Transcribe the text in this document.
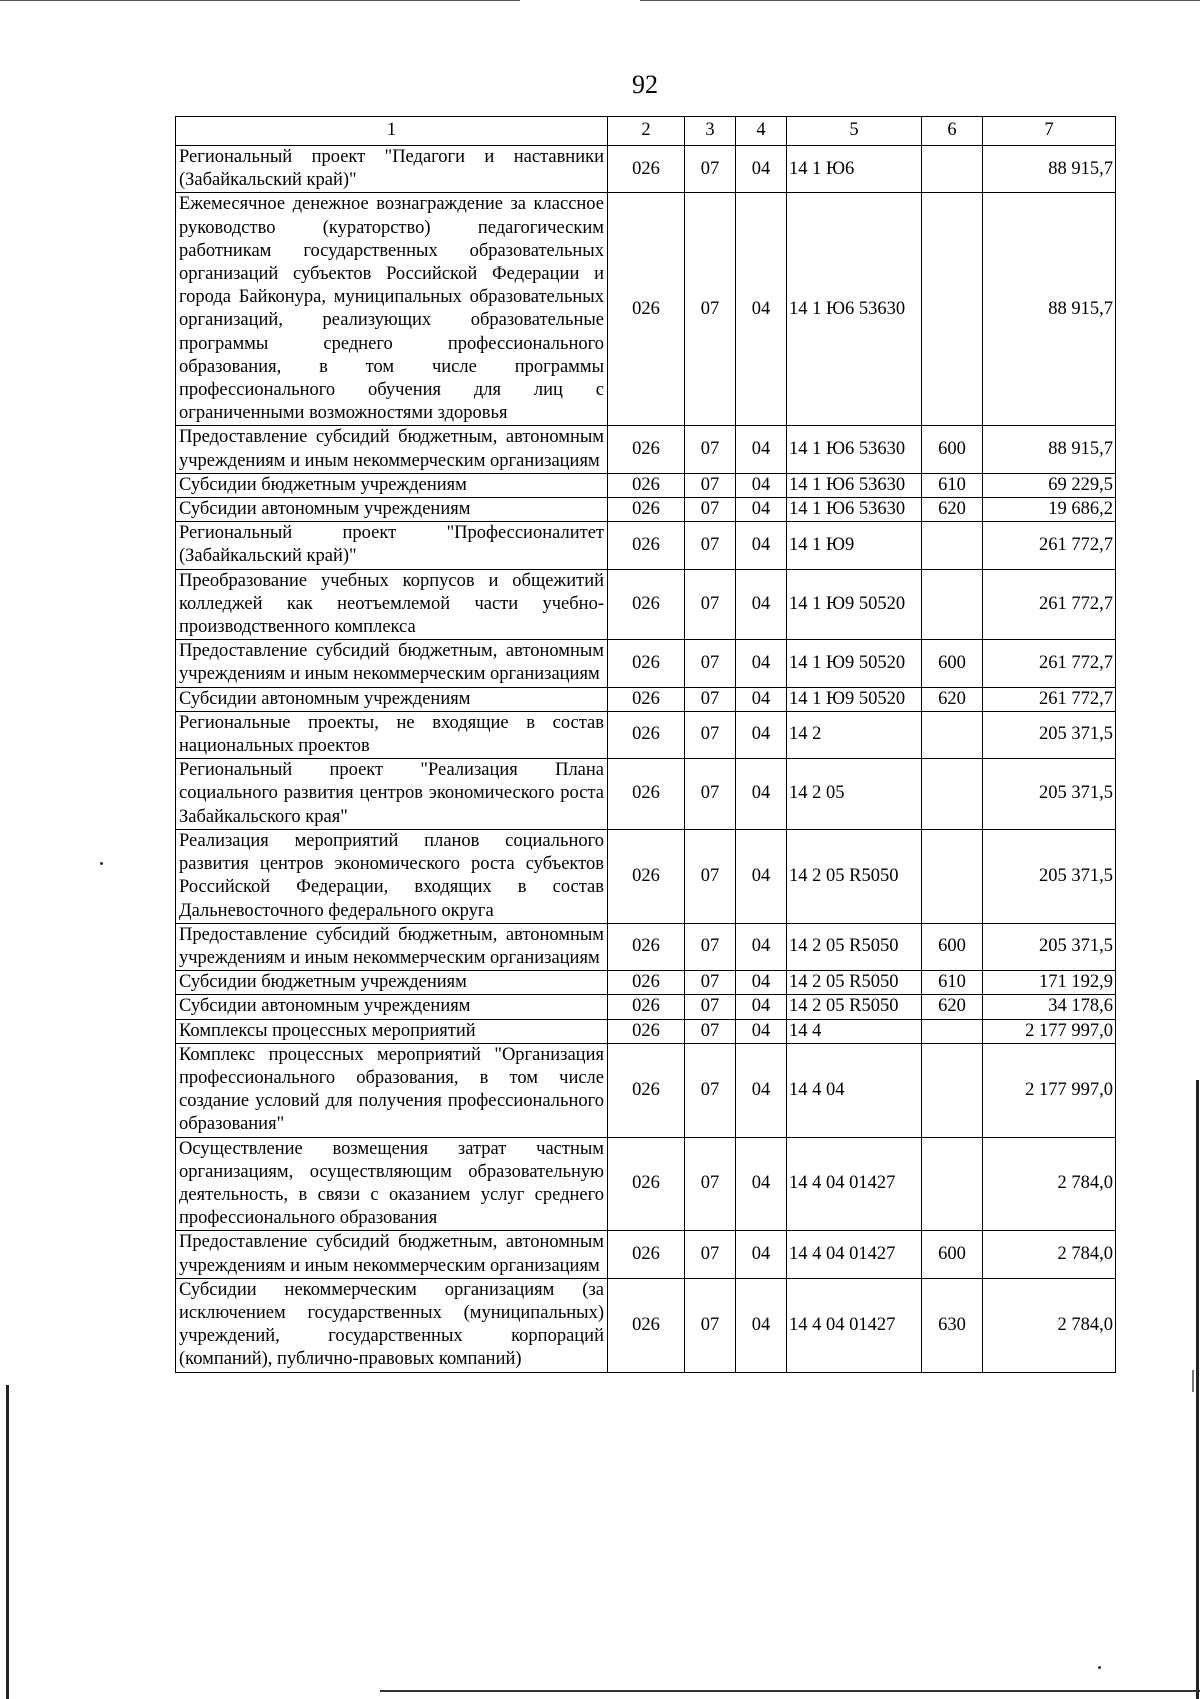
92
1	2	3	4	5	6	7
Региональный проект "Педагоги и наставники (Забайкальский край)"	026	07	04	14 1 Ю6		88 915,7
Ежемесячное денежное вознаграждение за классное руководство (кураторство) педагогическим работникам государственных образовательных организаций субъектов Российской Федерации и города Байконура, муниципальных образовательных организаций, реализующих образовательные программы среднего профессионального образования, в том числе программы профессионального обучения для лиц с ограниченными возможностями здоровья	026	07	04	14 1 Ю6 53630		88 915,7
Предоставление субсидий бюджетным, автономным учреждениям и иным некоммерческим организациям	026	07	04	14 1 Ю6 53630	600	88 915,7
Субсидии бюджетным учреждениям	026	07	04	14 1 Ю6 53630	610	69 229,5
Субсидии автономным учреждениям	026	07	04	14 1 Ю6 53630	620	19 686,2
Региональный проект "Профессионалитет (Забайкальский край)"	026	07	04	14 1 Ю9		261 772,7
Преобразование учебных корпусов и общежитий колледжей как неотъемлемой части учебно-производственного комплекса	026	07	04	14 1 Ю9 50520		261 772,7
Предоставление субсидий бюджетным, автономным учреждениям и иным некоммерческим организациям	026	07	04	14 1 Ю9 50520	600	261 772,7
Субсидии автономным учреждениям	026	07	04	14 1 Ю9 50520	620	261 772,7
Региональные проекты, не входящие в состав национальных проектов	026	07	04	14 2		205 371,5
Региональный проект "Реализация Плана социального развития центров экономического роста Забайкальского края"	026	07	04	14 2 05		205 371,5
Реализация мероприятий планов социального развития центров экономического роста субъектов Российской Федерации, входящих в состав Дальневосточного федерального округа	026	07	04	14 2 05 R5050		205 371,5
Предоставление субсидий бюджетным, автономным учреждениям и иным некоммерческим организациям	026	07	04	14 2 05 R5050	600	205 371,5
Субсидии бюджетным учреждениям	026	07	04	14 2 05 R5050	610	171 192,9
Субсидии автономным учреждениям	026	07	04	14 2 05 R5050	620	34 178,6
Комплексы процессных мероприятий	026	07	04	14 4		2 177 997,0
Комплекс процессных мероприятий "Организация профессионального образования, в том числе создание условий для получения профессионального образования"	026	07	04	14 4 04		2 177 997,0
Осуществление возмещения затрат частным организациям, осуществляющим образовательную деятельность, в связи с оказанием услуг среднего профессионального образования	026	07	04	14 4 04 01427		2 784,0
Предоставление субсидий бюджетным, автономным учреждениям и иным некоммерческим организациям	026	07	04	14 4 04 01427	600	2 784,0
Субсидии некоммерческим организациям (за исключением государственных (муниципальных) учреждений, государственных корпораций (компаний), публично-правовых компаний)	026	07	04	14 4 04 01427	630	2 784,0
